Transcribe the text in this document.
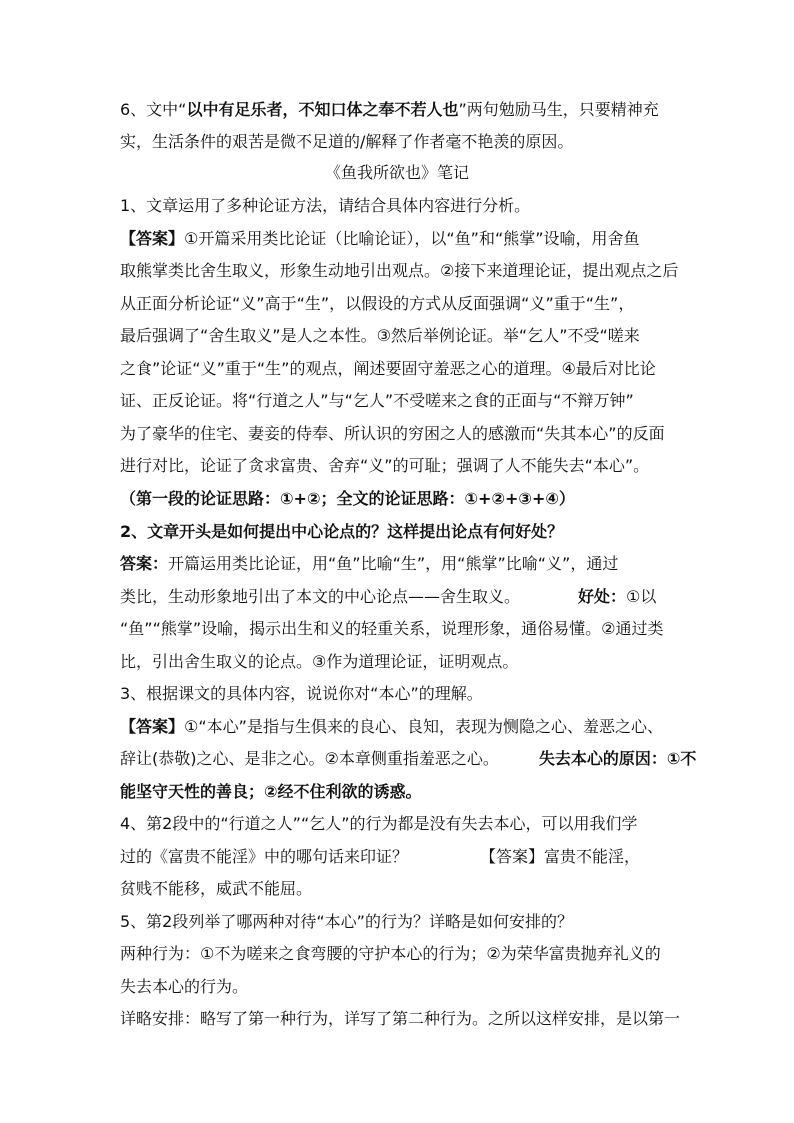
6、文中“以中有足乐者，不知口体之奉不若人也”两句勉励马生，只要精神充
实，生活条件的艰苦是微不足道的/解释了作者毫不艳羡的原因。
《鱼我所欲也》笔记
1、文章运用了多种论证方法，请结合具体内容进行分析。
【答案】①开篇采用类比论证（比喻论证），以“鱼”和“熊掌”设喻，用舍鱼
取熊掌类比舍生取义，形象生动地引出观点。②接下来道理论证，提出观点之后
从正面分析论证“义”高于“生”，以假设的方式从反面强调“义”重于“生”，
最后强调了“舍生取义”是人之本性。③然后举例论证。举“乞人”不受“嗟来
之食”论证“义”重于“生”的观点，阐述要固守羞恶之心的道理。④最后对比论
证、正反论证。将“行道之人”与“乞人”不受嗟来之食的正面与“不辩万钟”
为了豪华的住宅、妻妾的侍奉、所认识的穷困之人的感激而“失其本心”的反面
进行对比，论证了贪求富贵、舍弃“义”的可耻；强调了人不能失去“本心”。
（第一段的论证思路：①+②；全文的论证思路：①+②+③+④）
2、文章开头是如何提出中心论点的？这样提出论点有何好处？
答案：开篇运用类比论证，用“鱼”比喻“生”，用“熊掌”比喻“义”，通过
类比，生动形象地引出了本文的中心论点——舍生取义。	好处：①以
“鱼”“熊掌”设喻，揭示出生和义的轻重关系，说理形象，通俗易懂。②通过类
比，引出舍生取义的论点。③作为道理论证，证明观点。
3、根据课文的具体内容，说说你对“本心”的理解。
【答案】①“本心”是指与生俱来的良心、良知，表现为恻隐之心、羞恶之心、
辞让(恭敬)之心、是非之心。②本章侧重指羞恶之心。	失去本心的原因：①不
能坚守天性的善良；②经不住利欲的诱惑。
4、第2段中的“行道之人”“乞人”的行为都是没有失去本心，可以用我们学
过的《富贵不能淫》中的哪句话来印证？	【答案】富贵不能淫，
贫贱不能移，威武不能屈。
5、第2段列举了哪两种对待“本心”的行为？详略是如何安排的？
两种行为：①不为嗟来之食弯腰的守护本心的行为；②为荣华富贵抛弃礼义的
失去本心的行为。
详略安排：略写了第一种行为，详写了第二种行为。之所以这样安排，是以第一
